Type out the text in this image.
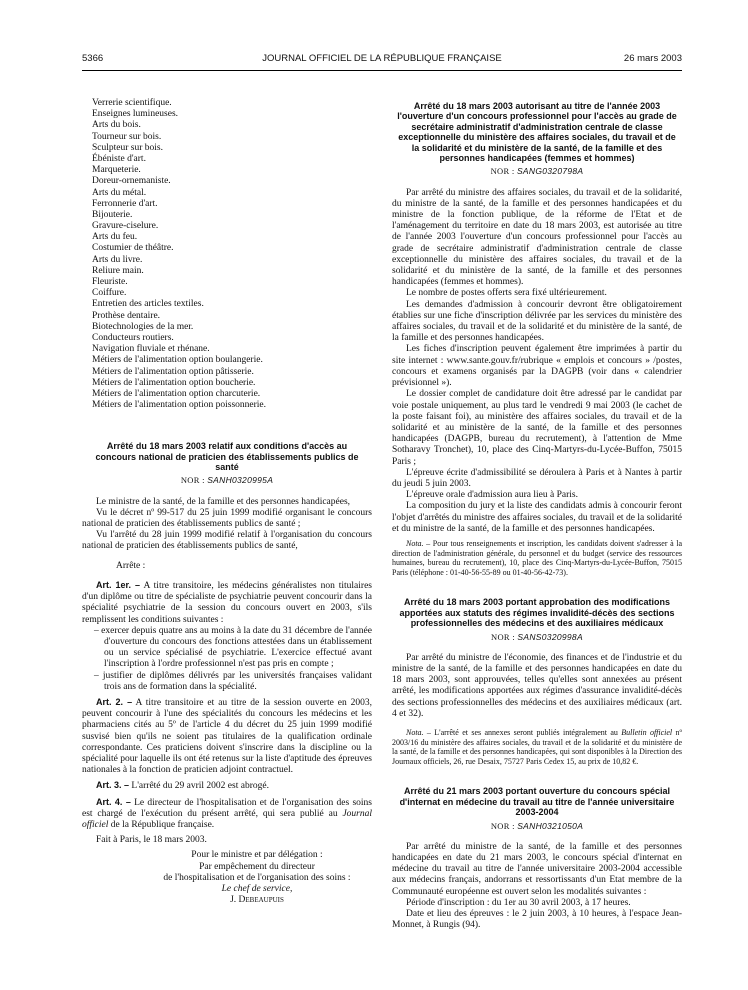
5366	JOURNAL OFFICIEL DE LA RÉPUBLIQUE FRANÇAISE	26 mars 2003
Verrerie scientifique.
Enseignes lumineuses.
Arts du bois.
Tourneur sur bois.
Sculpteur sur bois.
Ébéniste d'art.
Marqueterie.
Doreur-ornemaniste.
Arts du métal.
Ferronnerie d'art.
Bijouterie.
Gravure-ciselure.
Arts du feu.
Costumier de théâtre.
Arts du livre.
Reliure main.
Fleuriste.
Coiffure.
Entretien des articles textiles.
Prothèse dentaire.
Biotechnologies de la mer.
Conducteurs routiers.
Navigation fluviale et rhénane.
Métiers de l'alimentation option boulangerie.
Métiers de l'alimentation option pâtisserie.
Métiers de l'alimentation option boucherie.
Métiers de l'alimentation option charcuterie.
Métiers de l'alimentation option poissonnerie.
Arrêté du 18 mars 2003 relatif aux conditions d'accès au concours national de praticien des établissements publics de santé
NOR : SANH0320995A

Le ministre de la santé, de la famille et des personnes handicapées,

Vu le décret nº 99-517 du 25 juin 1999 modifié organisant le concours national de praticien des établissements publics de santé ;

Vu l'arrêté du 28 juin 1999 modifié relatif à l'organisation du concours national de praticien des établissements publics de santé,

Arrête :

Art. 1er. – A titre transitoire, les médecins généralistes non titulaires d'un diplôme ou titre de spécialiste de psychiatrie peuvent concourir dans la spécialité psychiatrie de la session du concours ouvert en 2003, s'ils remplissent les conditions suivantes :

– exercer depuis quatre ans au moins à la date du 31 décembre de l'année d'ouverture du concours des fonctions attestées dans un établissement ou un service spécialisé de psychiatrie. L'exercice effectué avant l'inscription à l'ordre professionnel n'est pas pris en compte ;

– justifier de diplômes délivrés par les universités françaises validant trois ans de formation dans la spécialité.

Art. 2. – A titre transitoire et au titre de la session ouverte en 2003, peuvent concourir à l'une des spécialités du concours les médecins et les pharmaciens cités au 5º de l'article 4 du décret du 25 juin 1999 modifié susvisé bien qu'ils ne soient pas titulaires de la qualification ordinale correspondante. Ces praticiens doivent s'inscrire dans la discipline ou la spécialité pour laquelle ils ont été retenus sur la liste d'aptitude des épreuves nationales à la fonction de praticien adjoint contractuel.

Art. 3. – L'arrêté du 29 avril 2002 est abrogé.

Art. 4. – Le directeur de l'hospitalisation et de l'organisation des soins est chargé de l'exécution du présent arrêté, qui sera publié au Journal officiel de la République française.

Fait à Paris, le 18 mars 2003.

Pour le ministre et par délégation :
Par empêchement du directeur
de l'hospitalisation et de l'organisation des soins :
Le chef de service,
J. Debeaupuis
Arrêté du 18 mars 2003 autorisant au titre de l'année 2003 l'ouverture d'un concours professionnel pour l'accès au grade de secrétaire administratif d'administration centrale de classe exceptionnelle du ministère des affaires sociales, du travail et de la solidarité et du ministère de la santé, de la famille et des personnes handicapées (femmes et hommes)
NOR : SANG0320798A

Par arrêté du ministre des affaires sociales, du travail et de la solidarité, du ministre de la santé, de la famille et des personnes handicapées et du ministre de la fonction publique, de la réforme de l'Etat et de l'aménagement du territoire en date du 18 mars 2003, est autorisée au titre de l'année 2003 l'ouverture d'un concours professionnel pour l'accès au grade de secrétaire administratif d'administration centrale de classe exceptionnelle du ministère des affaires sociales, du travail et de la solidarité et du ministère de la santé, de la famille et des personnes handicapées (femmes et hommes).

Le nombre de postes offerts sera fixé ultérieurement.

Les demandes d'admission à concourir devront être obligatoirement établies sur une fiche d'inscription délivrée par les services du ministère des affaires sociales, du travail et de la solidarité et du ministère de la santé, de la famille et des personnes handicapées.

Les fiches d'inscription peuvent également être imprimées à partir du site internet : www.sante.gouv.fr/rubrique « emplois et concours » /postes, concours et examens organisés par la DAGPB (voir dans « calendrier prévisionnel »).

Le dossier complet de candidature doit être adressé par le candidat par voie postale uniquement, au plus tard le vendredi 9 mai 2003 (le cachet de la poste faisant foi), au ministère des affaires sociales, du travail et de la solidarité et au ministère de la santé, de la famille et des personnes handicapées (DAGPB, bureau du recrutement), à l'attention de Mme Sotharavy Tronchet), 10, place des Cinq-Martyrs-du-Lycée-Buffon, 75015 Paris ;

L'épreuve écrite d'admissibilité se déroulera à Paris et à Nantes à partir du jeudi 5 juin 2003.

L'épreuve orale d'admission aura lieu à Paris.

La composition du jury et la liste des candidats admis à concourir feront l'objet d'arrêtés du ministre des affaires sociales, du travail et de la solidarité et du ministre de la santé, de la famille et des personnes handicapées.

Nota. – Pour tous renseignements et inscription, les candidats doivent s'adresser à la direction de l'administration générale, du personnel et du budget (service des ressources humaines, bureau du recrutement), 10, place des Cinq-Martyrs-du-Lycée-Buffon, 75015 Paris (téléphone : 01-40-56-55-89 ou 01-40-56-42-73).

Arrêté du 18 mars 2003 portant approbation des modifications apportées aux statuts des régimes invalidité-décès des sections professionnelles des médecins et des auxiliaires médicaux
NOR : SANS0320998A

Par arrêté du ministre de l'économie, des finances et de l'industrie et du ministre de la santé, de la famille et des personnes handicapées en date du 18 mars 2003, sont approuvées, telles qu'elles sont annexées au présent arrêté, les modifications apportées aux régimes d'assurance invalidité-décès des sections professionnelles des médecins et des auxiliaires médicaux (art. 4 et 32).

Nota. – L'arrêté et ses annexes seront publiés intégralement au Bulletin officiel nº 2003/16 du ministère des affaires sociales, du travail et de la solidarité et du ministère de la santé, de la famille et des personnes handicapées, qui sont disponibles à la Direction des Journaux officiels, 26, rue Desaix, 75727 Paris Cedex 15, au prix de 10,82 €.

Arrêté du 21 mars 2003 portant ouverture du concours spécial d'internat en médecine du travail au titre de l'année universitaire 2003-2004
NOR : SANH0321050A

Par arrêté du ministre de la santé, de la famille et des personnes handicapées en date du 21 mars 2003, le concours spécial d'internat en médecine du travail au titre de l'année universitaire 2003-2004 accessible aux médecins français, andorrans et ressortissants d'un Etat membre de la Communauté européenne est ouvert selon les modalités suivantes :

Période d'inscription : du 1er au 30 avril 2003, à 17 heures.

Date et lieu des épreuves : le 2 juin 2003, à 10 heures, à l'espace Jean-Monnet, à Rungis (94).
